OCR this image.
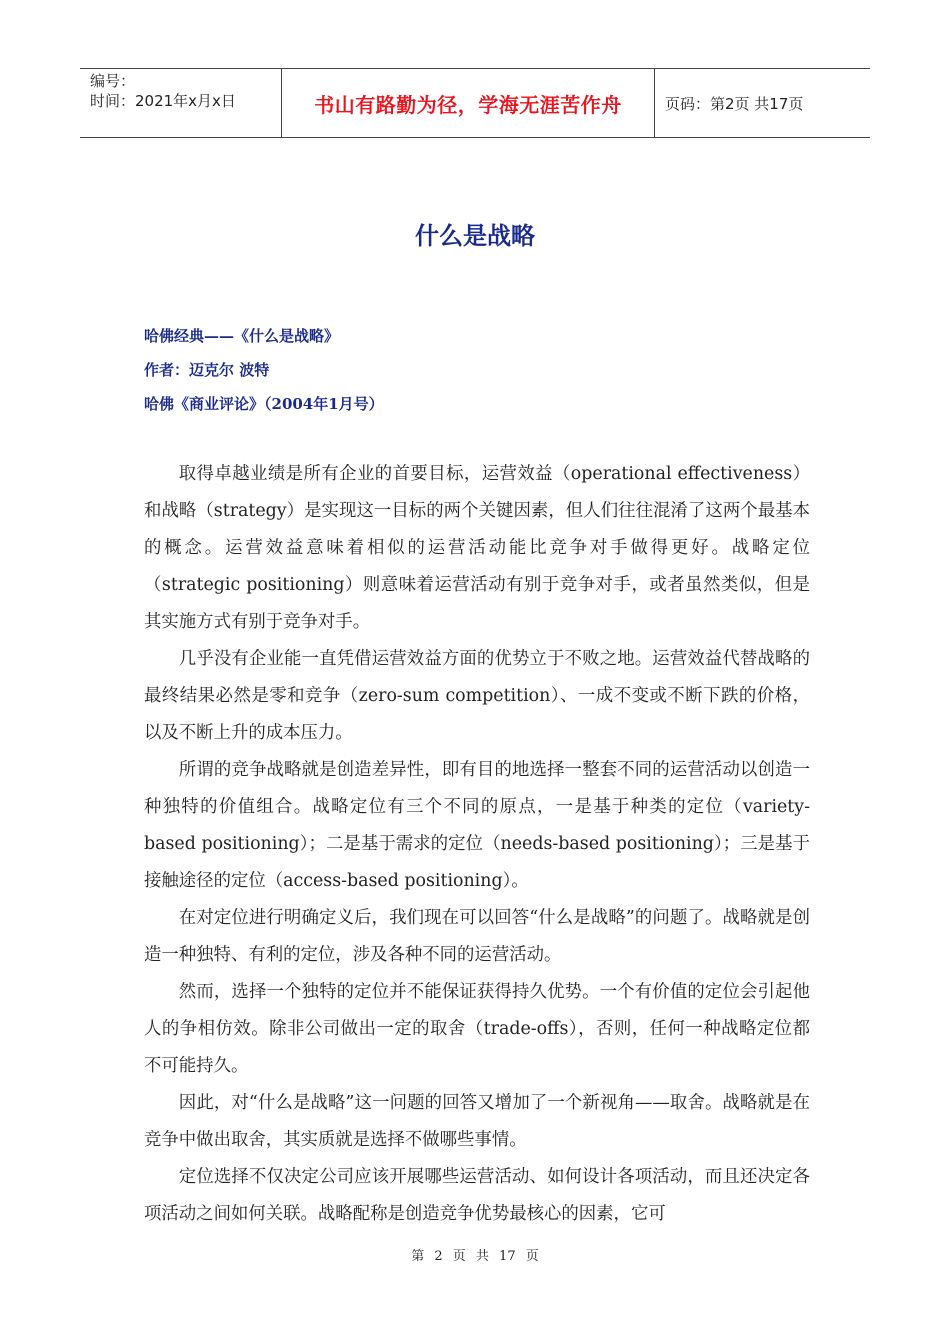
编号：
时间：2021年x月x日	书山有路勤为径，学海无涯苦作舟	页码：第2页 共17页
什么是战略
哈佛经典——《什么是战略》
作者：迈克尔 波特
哈佛《商业评论》（2004年1月号）

取得卓越业绩是所有企业的首要目标，运营效益（operational effectiveness）和战略（strategy）是实现这一目标的两个关键因素，但人们往往混淆了这两个最基本的概念。运营效益意味着相似的运营活动能比竞争对手做得更好。战略定位（strategic positioning）则意味着运营活动有别于竞争对手，或者虽然类似，但是其实施方式有别于竞争对手。

几乎没有企业能一直凭借运营效益方面的优势立于不败之地。运营效益代替战略的最终结果必然是零和竞争（zero-sum competition）、一成不变或不断下跌的价格，以及不断上升的成本压力。

所谓的竞争战略就是创造差异性，即有目的地选择一整套不同的运营活动以创造一种独特的价值组合。战略定位有三个不同的原点，一是基于种类的定位（variety-based positioning）；二是基于需求的定位（needs-based positioning）；三是基于接触途径的定位（access-based positioning）。

在对定位进行明确定义后，我们现在可以回答“什么是战略”的问题了。战略就是创造一种独特、有利的定位，涉及各种不同的运营活动。

然而，选择一个独特的定位并不能保证获得持久优势。一个有价值的定位会引起他人的争相仿效。除非公司做出一定的取舍（trade-offs），否则，任何一种战略定位都不可能持久。

因此，对“什么是战略”这一问题的回答又增加了一个新视角——取舍。战略就是在竞争中做出取舍，其实质就是选择不做哪些事情。

定位选择不仅决定公司应该开展哪些运营活动、如何设计各项活动，而且还决定各项活动之间如何关联。战略配称是创造竞争优势最核心的因素，它可

第 2 页 共 17 页
